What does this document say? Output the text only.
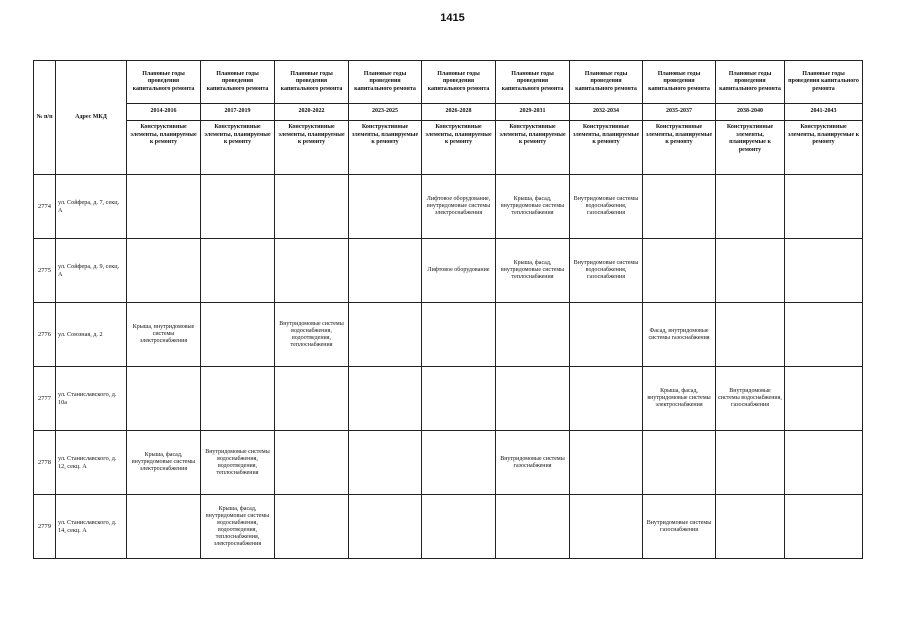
1415
№ п/п	Адрес МКД	Плановые годы проведения капитального ремонта	Плановые годы проведения капитального ремонта	Плановые годы проведения капитального ремонта	Плановые годы проведения капитального ремонта	Плановые годы проведения капитального ремонта	Плановые годы проведения капитального ремонта	Плановые годы проведения капитального ремонта	Плановые годы проведения капитального ремонта	Плановые годы проведения капитального ремонта	Плановые годы проведения капитального ремонта
		2014-2016	2017-2019	2020-2022	2023-2025	2026-2028	2029-2031	2032-2034	2035-2037	2038-2040	2041-2043
		Конструктивные элементы, планируемые к ремонту	Конструктивные элементы, планируемые к ремонту	Конструктивные элементы, планируемые к ремонту	Конструктивные элементы, планируемые к ремонту	Конструктивные элементы, планируемые к ремонту	Конструктивные элементы, планируемые к ремонту	Конструктивные элементы, планируемые к ремонту	Конструктивные элементы, планируемые к ремонту	Конструктивные элементы, планируемые к ремонту	Конструктивные элементы, планируемые к ремонту
2774	ул. Сойфера, д. 7, секц. А					Лифтовое оборудование, внутридомовые системы электроснабжения	Крыша, фасад, внутридомовые системы теплоснабжения	Внутридомовые системы водоснабжения, газоснабжения			
2775	ул. Сойфера, д. 9, секц. А					Лифтовое оборудование	Крыша, фасад, внутридомовые системы теплоснабжения	Внутридомовые системы водоснабжения, газоснабжения			
2776	ул. Союзная, д. 2	Крыша, внутридомовые системы электроснабжения		Внутридомовые системы водоснабжения, водоотведения, теплоснабжения					Фасад, внутридомовые системы газоснабжения		
2777	ул. Станиславского, д. 10а								Крыша, фасад, внутридомовые системы электроснабжения	Внутридомовые системы водоснабжения, газоснабжения	
2778	ул. Станиславского, д. 12, секц. А	Крыша, фасад, внутридомовые системы электроснабжения	Внутридомовые системы водоснабжения, водоотведения, теплоснабжения				Внутридомовые системы газоснабжения				
2779	ул. Станиславского, д. 14, секц. А		Крыша, фасад, внутридомовые системы водоснабжения, водоотведения, теплоснабжения, электроснабжения						Внутридомовые системы газоснабжения		
